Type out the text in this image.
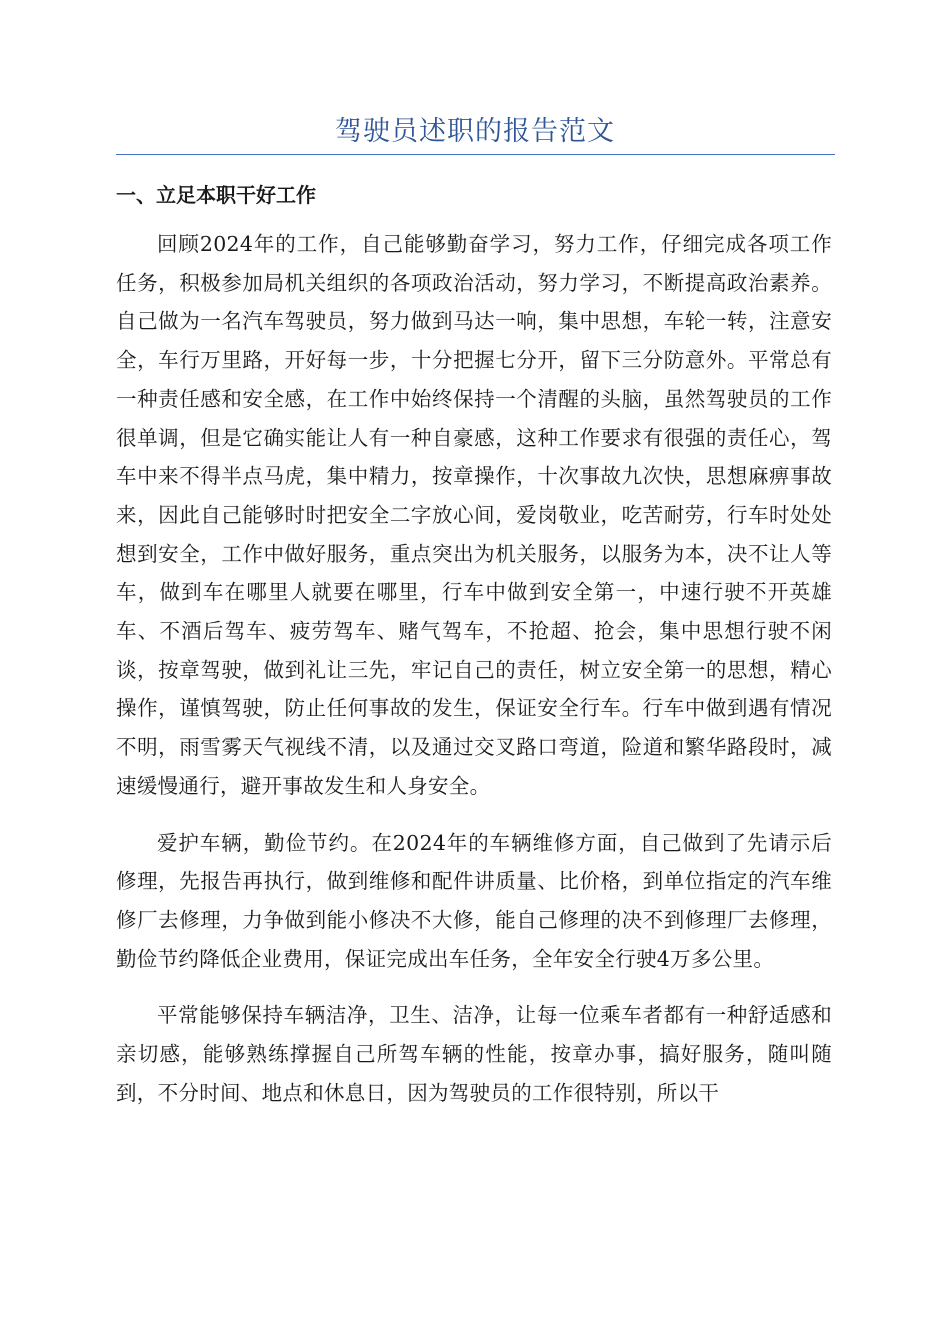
驾驶员述职的报告范文
一、立足本职干好工作

回顾2024年的工作，自己能够勤奋学习，努力工作，仔细完成各项工作任务，积极参加局机关组织的各项政治活动，努力学习，不断提高政治素养。自己做为一名汽车驾驶员，努力做到马达一响，集中思想，车轮一转，注意安全，车行万里路，开好每一步，十分把握七分开，留下三分防意外。平常总有一种责任感和安全感，在工作中始终保持一个清醒的头脑，虽然驾驶员的工作很单调，但是它确实能让人有一种自豪感，这种工作要求有很强的责任心，驾车中来不得半点马虎，集中精力，按章操作，十次事故九次快，思想麻痹事故来，因此自己能够时时把安全二字放心间，爱岗敬业，吃苦耐劳，行车时处处想到安全，工作中做好服务，重点突出为机关服务，以服务为本，决不让人等车，做到车在哪里人就要在哪里，行车中做到安全第一，中速行驶不开英雄车、不酒后驾车、疲劳驾车、赌气驾车，不抢超、抢会，集中思想行驶不闲谈，按章驾驶，做到礼让三先，牢记自己的责任，树立安全第一的思想，精心操作，谨慎驾驶，防止任何事故的发生，保证安全行车。行车中做到遇有情况不明，雨雪雾天气视线不清，以及通过交叉路口弯道，险道和繁华路段时，减速缓慢通行，避开事故发生和人身安全。

爱护车辆，勤俭节约。在2024年的车辆维修方面，自己做到了先请示后修理，先报告再执行，做到维修和配件讲质量、比价格，到单位指定的汽车维修厂去修理，力争做到能小修决不大修，能自己修理的决不到修理厂去修理，勤俭节约降低企业费用，保证完成出车任务，全年安全行驶4万多公里。

平常能够保持车辆洁净，卫生、洁净，让每一位乘车者都有一种舒适感和亲切感，能够熟练撑握自己所驾车辆的性能，按章办事，搞好服务，随叫随到，不分时间、地点和休息日，因为驾驶员的工作很特别，所以干
